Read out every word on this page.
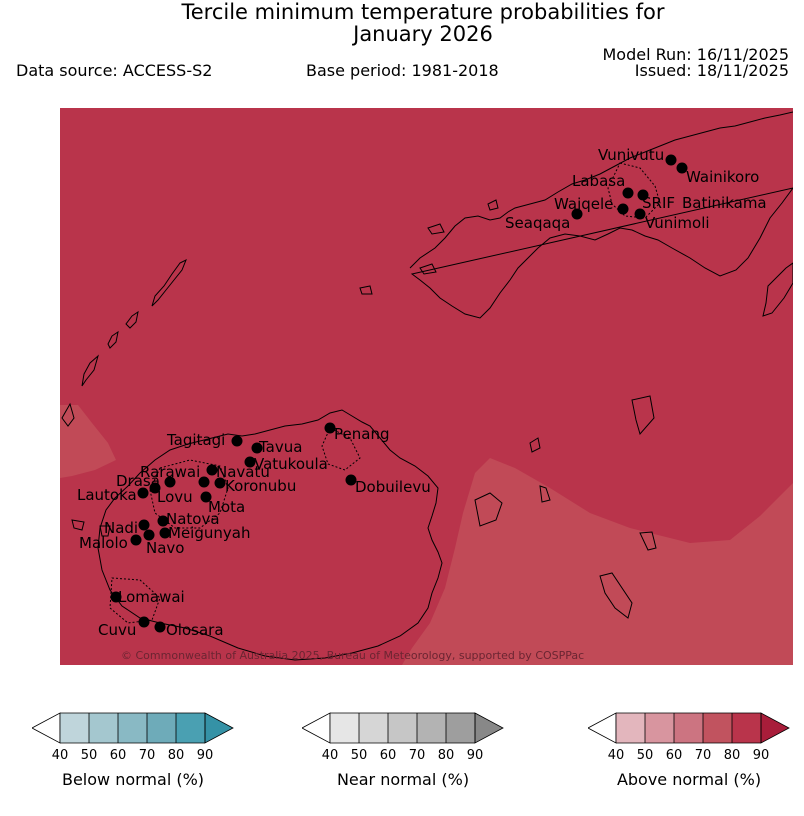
Tercile minimum temperature probabilities for
January 2026
Data source: ACCESS-S2	Base period: 1981-2018
Model Run: 16/11/2025
Issued: 18/11/2025
Vunivutu
Wainikoro
Labasa
Waiqele SRIF Batinikama
Seaqaqa	Vunimoli
Tagitagi Tavua
Penang
Vatukoula
Rarawai Navatu
Drasa	Koronubu	Dobuilevu
Lautoka Lovu
Mota
Natova
Nadi Meigunyah
Malolo Navo
Lomawai
Cuvu Olosara
© Commonwealth of Australia 2025, Bureau of Meteorology, supported by COSPPac
40 50 60 70 80 90
Below normal (%)
40 50 60 70 80 90
Near normal (%)
40 50 60 70 80 90
Above normal (%)
